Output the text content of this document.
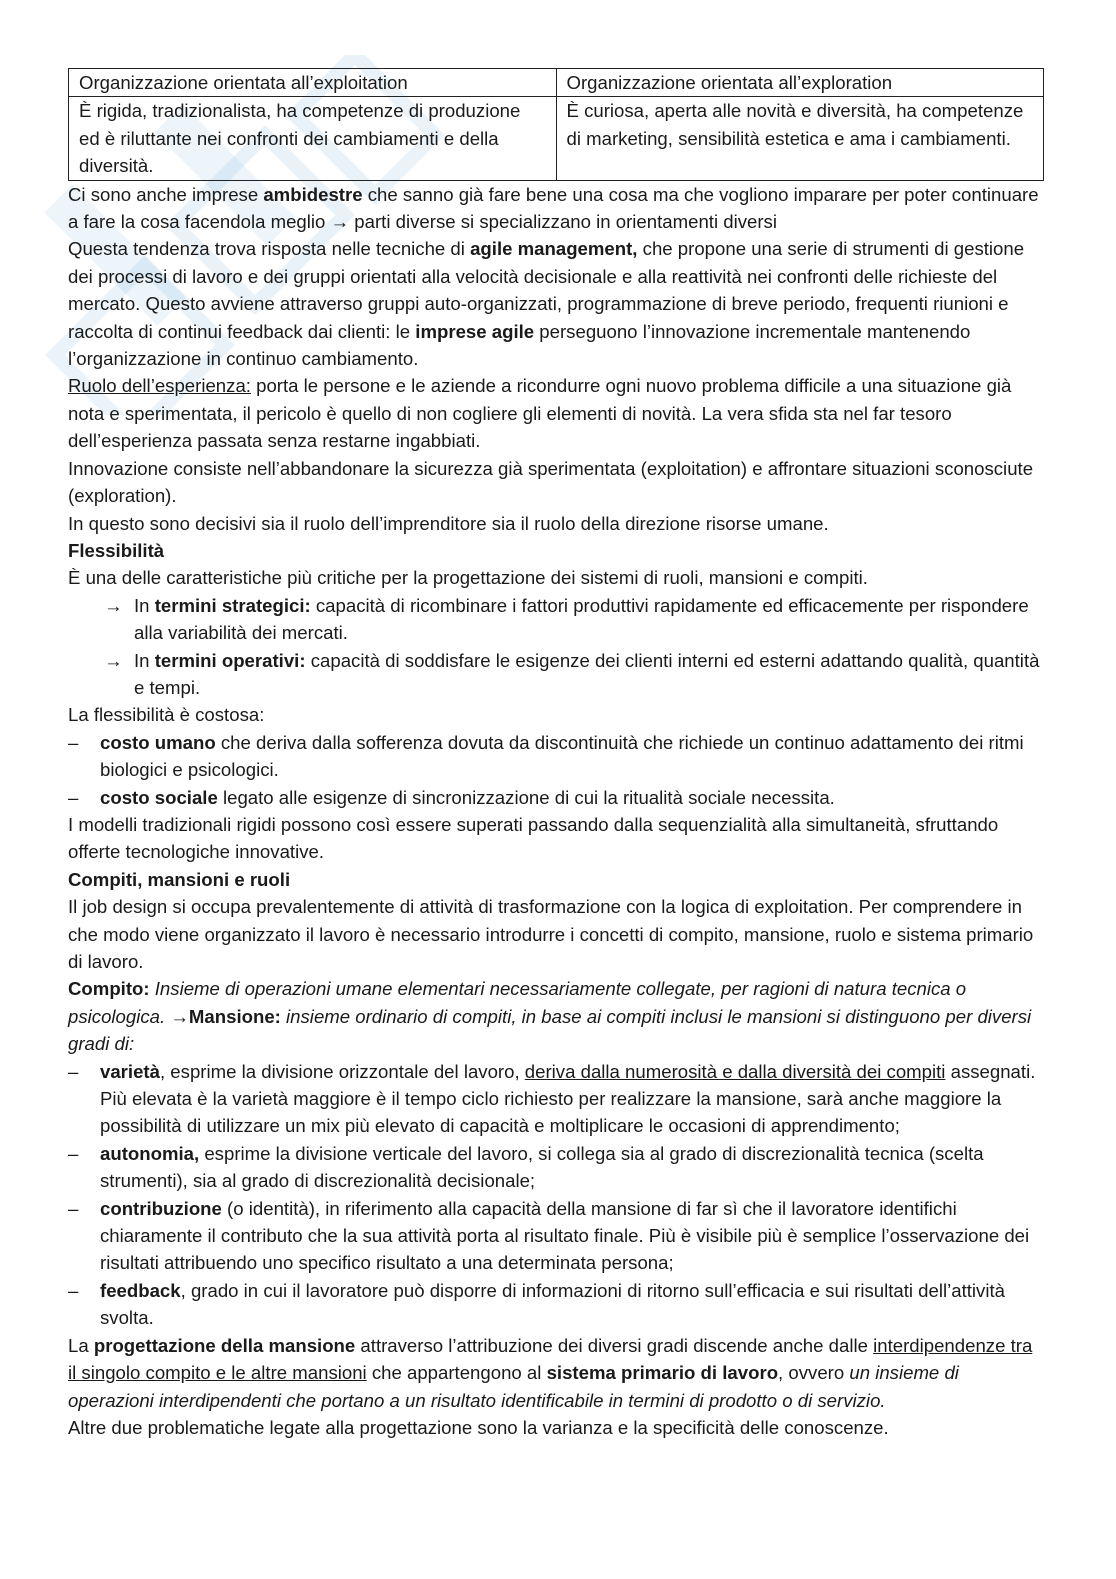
Organizzazione orientata all’exploitation	Organizzazione orientata all’exploration
È rigida, tradizionalista, ha competenze di produzione ed è riluttante nei confronti dei cambiamenti e della diversità.	È curiosa, aperta alle novità e diversità, ha competenze di marketing, sensibilità estetica e ama i cambiamenti.

Ci sono anche imprese ambidestre che sanno già fare bene una cosa ma che vogliono imparare per poter continuare a fare la cosa facendola meglio → parti diverse si specializzano in orientamenti diversi

Questa tendenza trova risposta nelle tecniche di agile management, che propone una serie di strumenti di gestione dei processi di lavoro e dei gruppi orientati alla velocità decisionale e alla reattività nei confronti delle richieste del mercato. Questo avviene attraverso gruppi auto-organizzati, programmazione di breve periodo, frequenti riunioni e raccolta di continui feedback dai clienti: le imprese agile perseguono l’innovazione incrementale mantenendo l’organizzazione in continuo cambiamento.

Ruolo dell’esperienza: porta le persone e le aziende a ricondurre ogni nuovo problema difficile a una situazione già nota e sperimentata, il pericolo è quello di non cogliere gli elementi di novità. La vera sfida sta nel far tesoro dell’esperienza passata senza restarne ingabbiati.

Innovazione consiste nell’abbandonare la sicurezza già sperimentata (exploitation) e affrontare situazioni sconosciute (exploration).

In questo sono decisivi sia il ruolo dell’imprenditore sia il ruolo della direzione risorse umane.

Flessibilità

È una delle caratteristiche più critiche per la progettazione dei sistemi di ruoli, mansioni e compiti.

→ In termini strategici: capacità di ricombinare i fattori produttivi rapidamente ed efficacemente per rispondere alla variabilità dei mercati.
→ In termini operativi: capacità di soddisfare le esigenze dei clienti interni ed esterni adattando qualità, quantità e tempi.

La flessibilità è costosa:

– costo umano che deriva dalla sofferenza dovuta da discontinuità che richiede un continuo adattamento dei ritmi biologici e psicologici.
– costo sociale legato alle esigenze di sincronizzazione di cui la ritualità sociale necessita.

I modelli tradizionali rigidi possono così essere superati passando dalla sequenzialità alla simultaneità, sfruttando offerte tecnologiche innovative.

Compiti, mansioni e ruoli

Il job design si occupa prevalentemente di attività di trasformazione con la logica di exploitation. Per comprendere in che modo viene organizzato il lavoro è necessario introdurre i concetti di compito, mansione, ruolo e sistema primario di lavoro.

Compito: Insieme di operazioni umane elementari necessariamente collegate, per ragioni di natura tecnica o psicologica. →Mansione: insieme ordinario di compiti, in base ai compiti inclusi le mansioni si distinguono per diversi gradi di:

– varietà, esprime la divisione orizzontale del lavoro, deriva dalla numerosità e dalla diversità dei compiti assegnati. Più elevata è la varietà maggiore è il tempo ciclo richiesto per realizzare la mansione, sarà anche maggiore la possibilità di utilizzare un mix più elevato di capacità e moltiplicare le occasioni di apprendimento;
– autonomia, esprime la divisione verticale del lavoro, si collega sia al grado di discrezionalità tecnica (scelta strumenti), sia al grado di discrezionalità decisionale;
– contribuzione (o identità), in riferimento alla capacità della mansione di far sì che il lavoratore identifichi chiaramente il contributo che la sua attività porta al risultato finale. Più è visibile più è semplice l’osservazione dei risultati attribuendo uno specifico risultato a una determinata persona;
– feedback, grado in cui il lavoratore può disporre di informazioni di ritorno sull’efficacia e sui risultati dell’attività svolta.

La progettazione della mansione attraverso l’attribuzione dei diversi gradi discende anche dalle interdipendenze tra il singolo compito e le altre mansioni che appartengono al sistema primario di lavoro, ovvero un insieme di operazioni interdipendenti che portano a un risultato identificabile in termini di prodotto o di servizio.

Altre due problematiche legate alla progettazione sono la varianza e la specificità delle conoscenze.
